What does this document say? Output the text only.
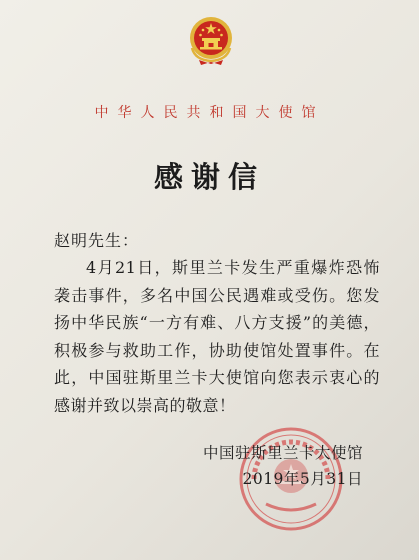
中华人民共和国大使馆
感谢信
赵明先生：
4月21日，斯里兰卡发生严重爆炸恐怖袭击事件，多名中国公民遇难或受伤。您发扬中华民族“一方有难、八方支援”的美德，积极参与救助工作，协助使馆处置事件。在此，中国驻斯里兰卡大使馆向您表示衷心的感谢并致以崇高的敬意！
中国驻斯里兰卡大使馆
2019年5月31日
